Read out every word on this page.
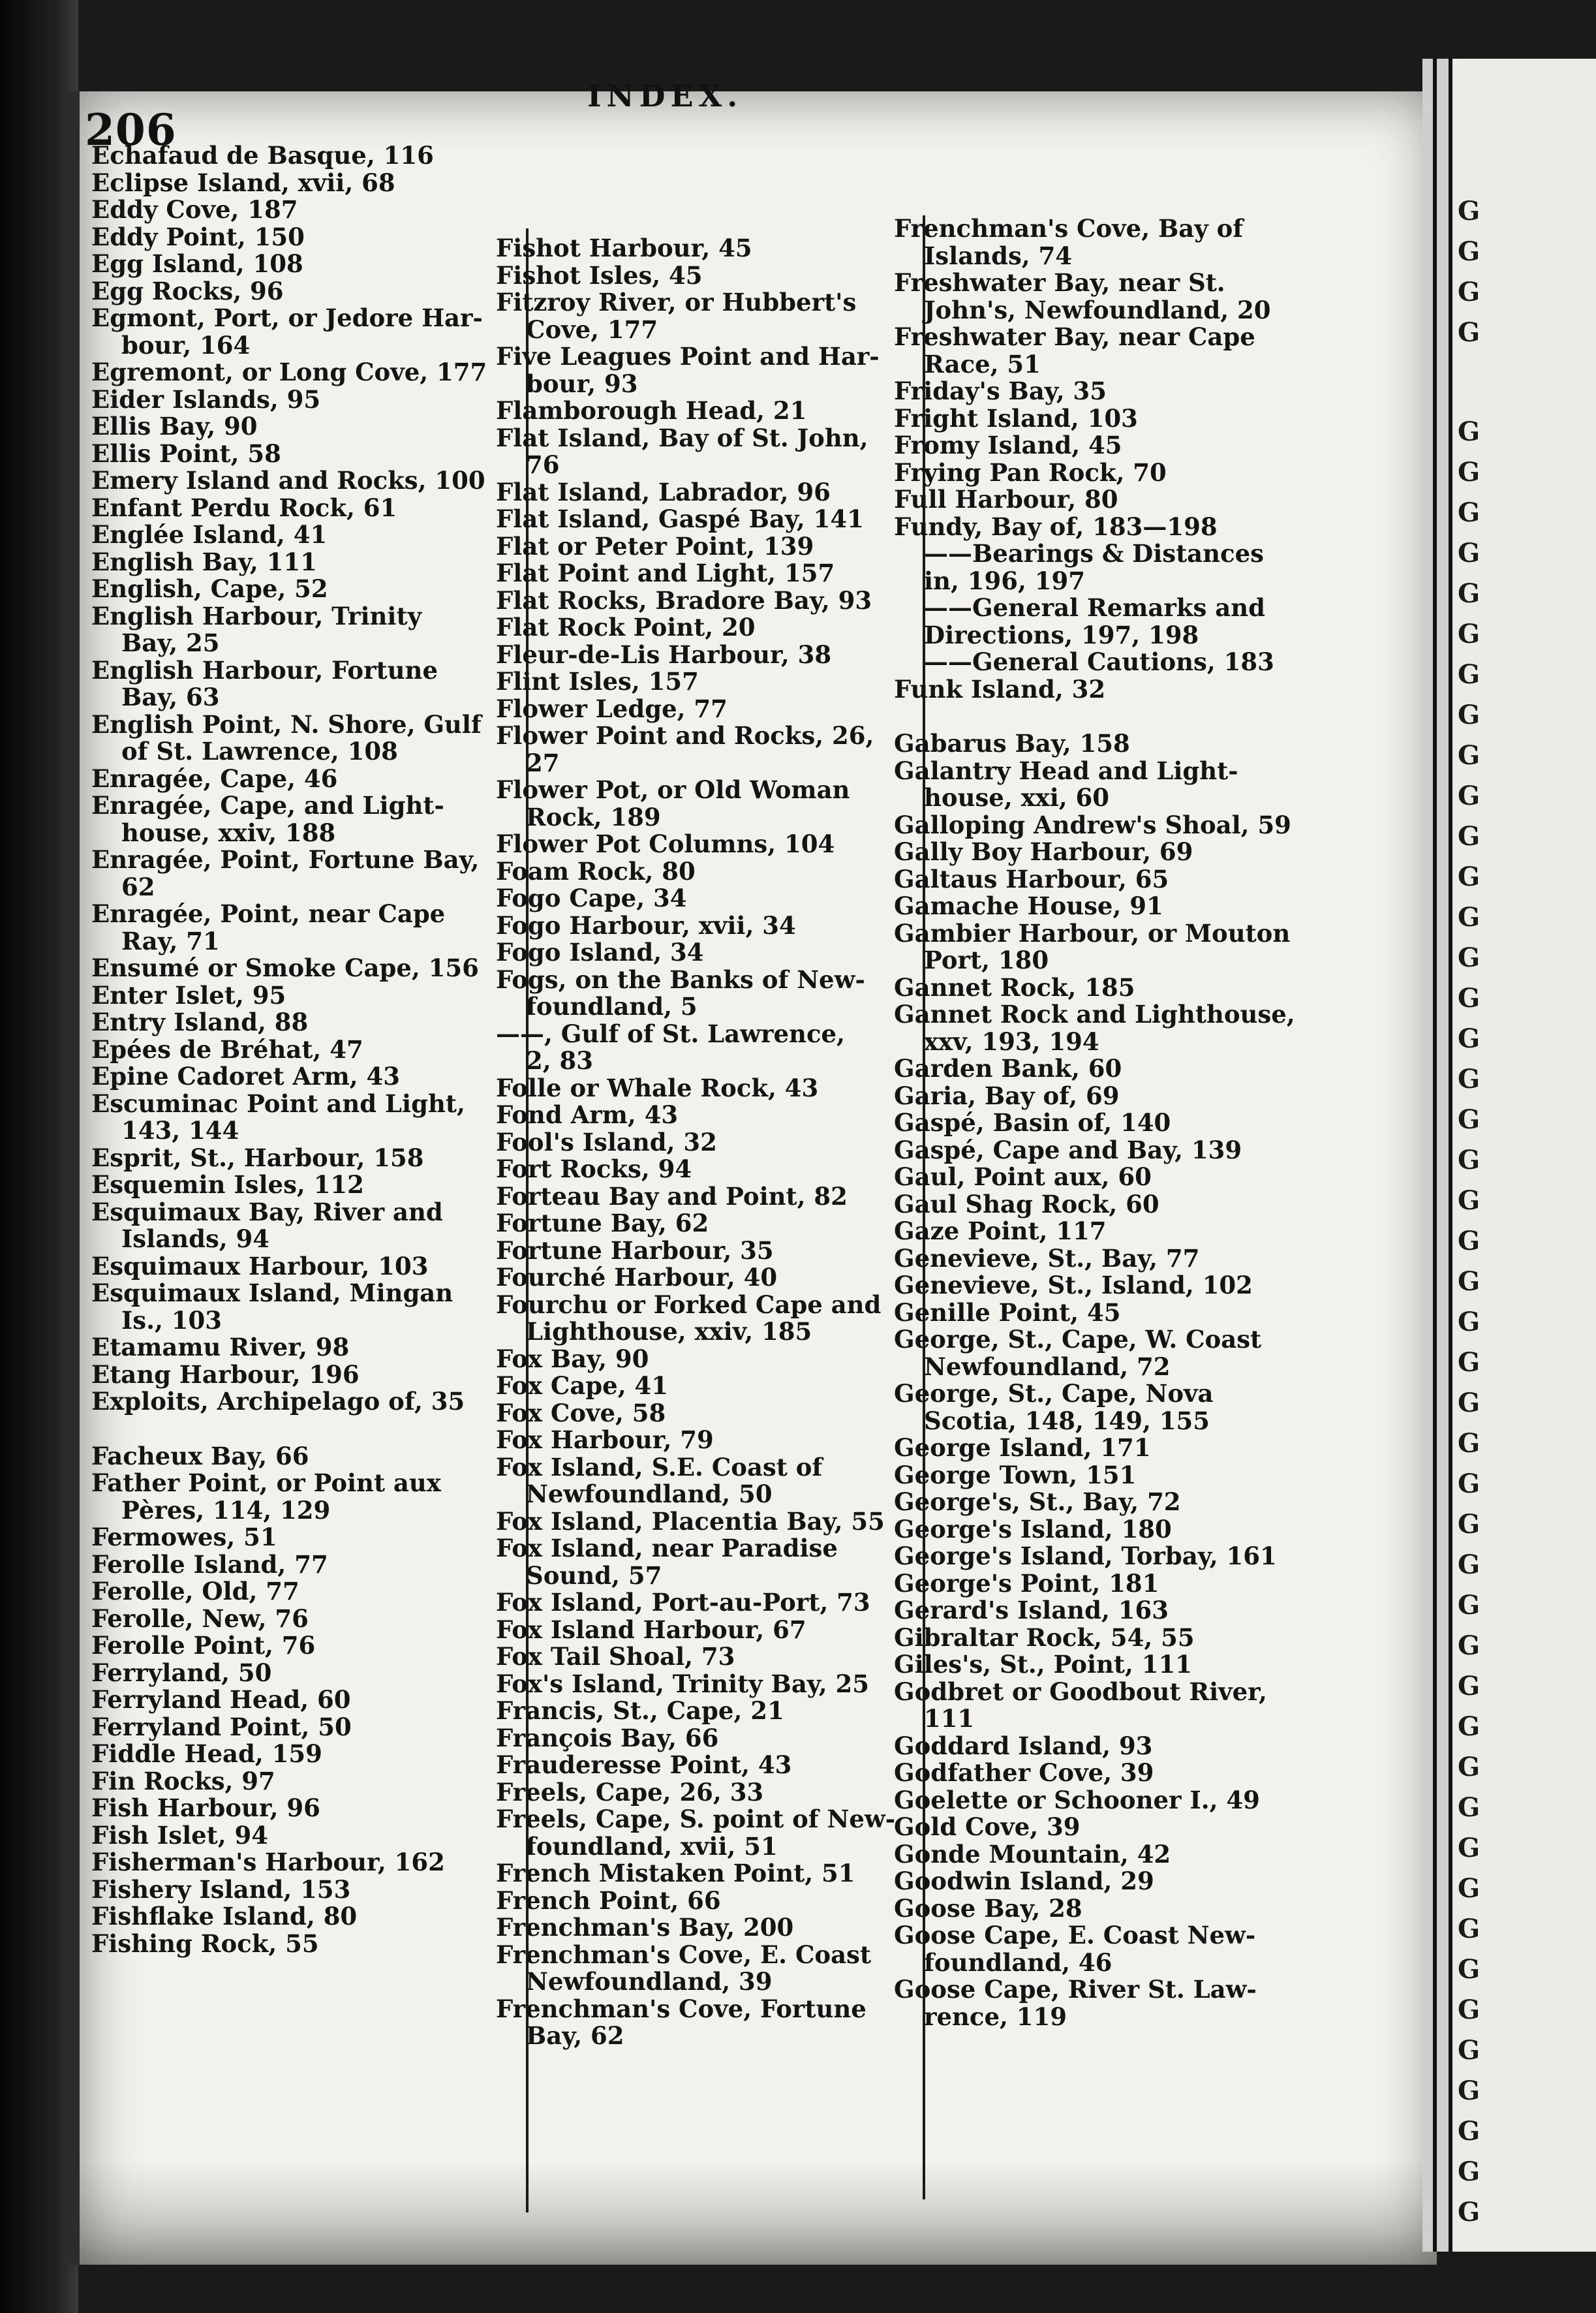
G
G
G
G
G
G
G
G
G
G
G
G
G
G
G
G
G
G
G
G
G
G
G
G
G
G
G
G
G
G
G
G
G
G
G
G
G
G
G
G
G
G
G
G
G
G
G
G
G
206
INDEX.
Echafaud de Basque, 116
Eclipse Island, xvii, 68
Eddy Cove, 187
Eddy Point, 150
Egg Island, 108
Egg Rocks, 96
Egmont, Port, or Jedore Har-
bour, 164
Egremont, or Long Cove, 177
Eider Islands, 95
Ellis Bay, 90
Ellis Point, 58
Emery Island and Rocks, 100
Enfant Perdu Rock, 61
Englée Island, 41
English Bay, 111
English, Cape, 52
English Harbour, Trinity
Bay, 25
English Harbour, Fortune
Bay, 63
English Point, N. Shore, Gulf
of St. Lawrence, 108
Enragée, Cape, 46
Enragée, Cape, and Light-
house, xxiv, 188
Enragée, Point, Fortune Bay,
62
Enragée, Point, near Cape
Ray, 71
Ensumé or Smoke Cape, 156
Enter Islet, 95
Entry Island, 88
Epées de Bréhat, 47
Epine Cadoret Arm, 43
Escuminac Point and Light,
143, 144
Esprit, St., Harbour, 158
Esquemin Isles, 112
Esquimaux Bay, River and
Islands, 94
Esquimaux Harbour, 103
Esquimaux Island, Mingan
Is., 103
Etamamu River, 98
Etang Harbour, 196
Exploits, Archipelago of, 35
Facheux Bay, 66
Father Point, or Point aux
Pères, 114, 129
Fermowes, 51
Ferolle Island, 77
Ferolle, Old, 77
Ferolle, New, 76
Ferolle Point, 76
Ferryland, 50
Ferryland Head, 60
Ferryland Point, 50
Fiddle Head, 159
Fin Rocks, 97
Fish Harbour, 96
Fish Islet, 94
Fisherman's Harbour, 162
Fishery Island, 153
Fishflake Island, 80
Fishing Rock, 55
Fishot Harbour, 45
Fishot Isles, 45
Fitzroy River, or Hubbert's
Cove, 177
Five Leagues Point and Har-
bour, 93
Flamborough Head, 21
Flat Island, Bay of St. John,
76
Flat Island, Labrador, 96
Flat Island, Gaspé Bay, 141
Flat or Peter Point, 139
Flat Point and Light, 157
Flat Rocks, Bradore Bay, 93
Flat Rock Point, 20
Fleur-de-Lis Harbour, 38
Flint Isles, 157
Flower Ledge, 77
Flower Point and Rocks, 26,
27
Flower Pot, or Old Woman
Rock, 189
Flower Pot Columns, 104
Foam Rock, 80
Fogo Cape, 34
Fogo Harbour, xvii, 34
Fogo Island, 34
Fogs, on the Banks of New-
foundland, 5
——, Gulf of St. Lawrence,
2, 83
Folle or Whale Rock, 43
Fond Arm, 43
Fool's Island, 32
Fort Rocks, 94
Forteau Bay and Point, 82
Fortune Bay, 62
Fortune Harbour, 35
Fourché Harbour, 40
Fourchu or Forked Cape and
Lighthouse, xxiv, 185
Fox Bay, 90
Fox Cape, 41
Fox Cove, 58
Fox Harbour, 79
Fox Island, S.E. Coast of
Newfoundland, 50
Fox Island, Placentia Bay, 55
Fox Island, near Paradise
Sound, 57
Fox Island, Port-au-Port, 73
Fox Island Harbour, 67
Fox Tail Shoal, 73
Fox's Island, Trinity Bay, 25
Francis, St., Cape, 21
François Bay, 66
Frauderesse Point, 43
Freels, Cape, 26, 33
Freels, Cape, S. point of New-
foundland, xvii, 51
French Mistaken Point, 51
French Point, 66
Frenchman's Bay, 200
Frenchman's Cove, E. Coast
Newfoundland, 39
Frenchman's Cove, Fortune
Bay, 62
Frenchman's Cove, Bay of
Islands, 74
Freshwater Bay, near St.
John's, Newfoundland, 20
Freshwater Bay, near Cape
Race, 51
Friday's Bay, 35
Fright Island, 103
Fromy Island, 45
Frying Pan Rock, 70
Full Harbour, 80
Fundy, Bay of, 183—198
——Bearings & Distances
in, 196, 197
——General Remarks and
Directions, 197, 198
——General Cautions, 183
Funk Island, 32
Gabarus Bay, 158
Galantry Head and Light-
house, xxi, 60
Galloping Andrew's Shoal, 59
Gally Boy Harbour, 69
Galtaus Harbour, 65
Gamache House, 91
Gambier Harbour, or Mouton
Port, 180
Gannet Rock, 185
Gannet Rock and Lighthouse,
xxv, 193, 194
Garden Bank, 60
Garia, Bay of, 69
Gaspé, Basin of, 140
Gaspé, Cape and Bay, 139
Gaul, Point aux, 60
Gaul Shag Rock, 60
Gaze Point, 117
Genevieve, St., Bay, 77
Genevieve, St., Island, 102
Genille Point, 45
George, St., Cape, W. Coast
Newfoundland, 72
George, St., Cape, Nova
Scotia, 148, 149, 155
George Island, 171
George Town, 151
George's, St., Bay, 72
George's Island, 180
George's Island, Torbay, 161
George's Point, 181
Gerard's Island, 163
Gibraltar Rock, 54, 55
Giles's, St., Point, 111
Godbret or Goodbout River,
111
Goddard Island, 93
Godfather Cove, 39
Goelette or Schooner I., 49
Gold Cove, 39
Gonde Mountain, 42
Goodwin Island, 29
Goose Bay, 28
Goose Cape, E. Coast New-
foundland, 46
Goose Cape, River St. Law-
rence, 119
